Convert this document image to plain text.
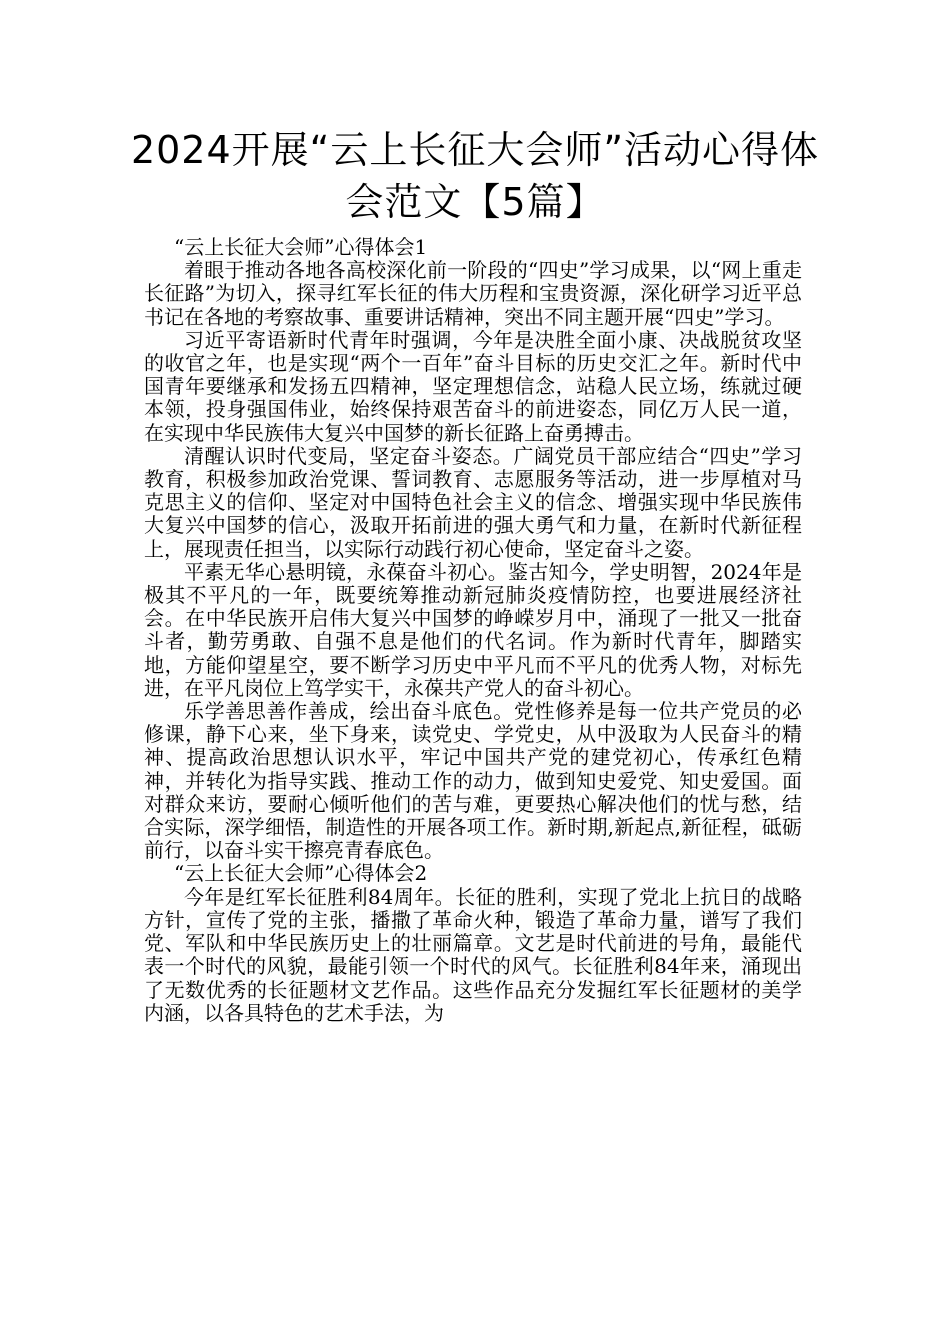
2024开展“云上长征大会师”活动心得体会范文【5篇】

“云上长征大会师”心得体会1

着眼于推动各地各高校深化前一阶段的“四史”学习成果，以“网上重走长征路”为切入，探寻红军长征的伟大历程和宝贵资源，深化研学习近平总书记在各地的考察故事、重要讲话精神，突出不同主题开展“四史”学习。

习近平寄语新时代青年时强调，今年是决胜全面小康、决战脱贫攻坚的收官之年，也是实现“两个一百年”奋斗目标的历史交汇之年。新时代中国青年要继承和发扬五四精神，坚定理想信念，站稳人民立场，练就过硬本领，投身强国伟业，始终保持艰苦奋斗的前进姿态，同亿万人民一道，在实现中华民族伟大复兴中国梦的新长征路上奋勇搏击。

清醒认识时代变局，坚定奋斗姿态。广阔党员干部应结合“四史”学习教育，积极参加政治党课、誓词教育、志愿服务等活动，进一步厚植对马克思主义的信仰、坚定对中国特色社会主义的信念、增强实现中华民族伟大复兴中国梦的信心，汲取开拓前进的强大勇气和力量，在新时代新征程上，展现责任担当，以实际行动践行初心使命，坚定奋斗之姿。

平素无华心悬明镜，永葆奋斗初心。鉴古知今，学史明智，2024年是极其不平凡的一年，既要统筹推动新冠肺炎疫情防控，也要进展经济社会。在中华民族开启伟大复兴中国梦的峥嵘岁月中，涌现了一批又一批奋斗者，勤劳勇敢、自强不息是他们的代名词。作为新时代青年，脚踏实地，方能仰望星空，要不断学习历史中平凡而不平凡的优秀人物，对标先进，在平凡岗位上笃学实干，永葆共产党人的奋斗初心。

乐学善思善作善成，绘出奋斗底色。党性修养是每一位共产党员的必修课，静下心来，坐下身来，读党史、学党史，从中汲取为人民奋斗的精神、提高政治思想认识水平，牢记中国共产党的建党初心，传承红色精神，并转化为指导实践、推动工作的动力，做到知史爱党、知史爱国。面对群众来访，要耐心倾听他们的苦与难，更要热心解决他们的忧与愁，结合实际，深学细悟，制造性的开展各项工作。新时期,新起点,新征程，砥砺前行，以奋斗实干擦亮青春底色。

“云上长征大会师”心得体会2

今年是红军长征胜利84周年。长征的胜利，实现了党北上抗日的战略方针，宣传了党的主张，播撒了革命火种，锻造了革命力量，谱写了我们党、军队和中华民族历史上的壮丽篇章。文艺是时代前进的号角，最能代表一个时代的风貌，最能引领一个时代的风气。长征胜利84年来，涌现出了无数优秀的长征题材文艺作品。这些作品充分发掘红军长征题材的美学内涵，以各具特色的艺术手法，为
